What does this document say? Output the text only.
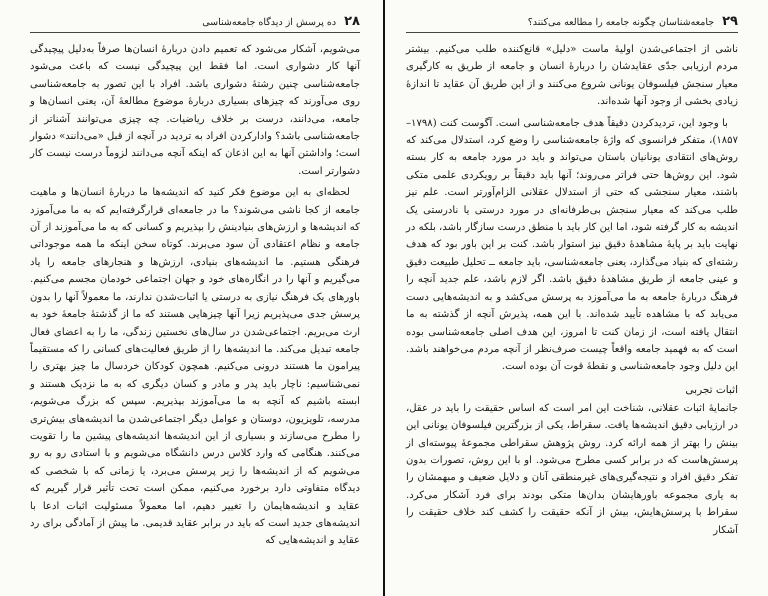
۲۸
ده پرسش از دیدگاه جامعه‌شناسی

می‌شویم، آشکار می‌شود که تعمیم دادن دربارهٔ انسان‌ها صرفاً به‌دلیل پیچیدگی آنها کار دشواری است. اما فقط این پیچیدگی نیست که باعث می‌شود جامعه‌شناسی چنین رشتهٔ دشواری باشد. افراد با این تصور به جامعه‌شناسی روی می‌آورند که چیزهای بسیاری دربارهٔ موضوع مطالعهٔ آن، یعنی انسان‌ها و جامعه، می‌دانند، درست بر خلاف ریاضیات. چه چیزی می‌توانند آشناتر از جامعه‌شناسی باشد؟ وادارکردن افراد به تردید در آنچه از قبل «می‌دانند» دشوار است؛ واداشتن آنها به این اذعان که اینکه آنچه می‌دانند لزوماً درست نیست کار دشوارتر است.

لحظه‌ای به این موضوع فکر کنید که اندیشه‌ها ما دربارهٔ انسان‌ها و ماهیت جامعه از کجا ناشی می‌شوند؟ ما در جامعه‌ای قرارگرفته‌ایم که به ما می‌آموزد که اندیشه‌ها و ارزش‌های بنیادینش را بپذیریم و کسانی که به ما می‌آموزند از آن جامعه و نظام اعتقادی آن سود می‌برند. کوتاه سخن اینکه ما همه موجوداتی فرهنگی هستیم. ما اندیشه‌های بنیادی، ارزش‌ها و هنجارهای جامعه را یاد می‌گیریم و آنها را در انگاره‌های خود و جهان اجتماعی خودمان مجسم می‌کنیم. باورهای یک فرهنگ نیازی به درستی یا اثبات‌شدن ندارند، ما معمولاً آنها را بدون پرسش جدی می‌پذیریم زیرا آنها چیزهایی هستند که ما از گذشتهٔ جامعهٔ خود به ارث می‌بریم. اجتماعی‌شدن در سال‌های نخستین زندگی، ما را به اعضای فعال جامعه تبدیل می‌کند. ما اندیشه‌ها را از طریق فعالیت‌های کسانی را که مستقیماً پیرامون ما هستند درونی می‌کنیم. همچون کودکان خردسال ما چیز بهتری را نمی‌شناسیم: ناچار باید پدر و مادر و کسان دیگری که به ما نزدیک هستند و ابسته باشیم که آنچه به ما می‌آموزند بپذیریم. سپس که بزرگ می‌شویم، مدرسه، تلویزیون، دوستان و عوامل دیگر اجتماعی‌شدن ما اندیشه‌های بیش‌تری را مطرح می‌سازند و بسیاری از این اندیشه‌ها اندیشه‌های پیشین ما را تقویت می‌کنند. هنگامی که وارد کلاس درس دانشگاه می‌شویم و با استادی رو به رو می‌شویم که از اندیشه‌ها را زیر پرسش می‌برد، یا زمانی که با شخصی که دیدگاه متفاوتی دارد برخورد می‌کنیم، ممکن است تحت تأثیر قرار گیریم که عقاید و اندیشه‌هایمان را تغییر دهیم، اما معمولاً مسئولیت اثبات ادعا با اندیشه‌های جدید است که باید در برابر عقاید قدیمی. ما پیش از آمادگی برای رد عقاید و اندیشه‌هایی که

۲۹
جامعه‌شناسان چگونه جامعه را مطالعه می‌کنند؟

ناشی از اجتماعی‌شدن اولیهٔ ماست «دلیل» قانع‌کننده طلب می‌کنیم. بیشتر مردم ارزیابی جدّی عقایدشان را دربارهٔ انسان و جامعه از طریق به کارگیری معیار سنجش فیلسوفان یونانی شروع می‌کنند و از این طریق آن عقاید تا اندازهٔ زیادی بخشی از وجود آنها شده‌اند.

با وجود این، تردیدکردن دقیقاً هدف جامعه‌شناسی است. آگوست کنت (۱۷۹۸–۱۸۵۷)، متفکر فرانسوی که واژهٔ جامعه‌شناسی را وضع کرد، استدلال می‌کند که روش‌های انتقادی یونانیان باستان می‌تواند و باید در مورد جامعه به کار بسته شود. این روش‌ها حتی فراتر می‌روند؛ آنها باید دقیقاً بر رویکردی علمی متکی باشند، معیار سنجشی که حتی از استدلال عقلانی الزام‌آورتر است. علم نیز طلب می‌کند که معیار سنجش بی‌طرفانه‌ای در مورد درستی یا نادرستی یک اندیشه به کار گرفته شود، اما این کار باید با منطق درست سازگار باشد، بلکه در نهایت باید بر پایهٔ مشاهدهٔ دقیق نیز استوار باشد. کنت بر این باور بود که هدف رشته‌ای که بنیاد می‌گذارد، یعنی جامعه‌شناسی، باید جامعه ــ تحلیل طبیعت دقیق و عینی جامعه از طریق مشاهدهٔ دقیق باشد. اگر لازم باشد، علم جدید آنچه را فرهنگ دربارهٔ جامعه به ما می‌آموزد به پرسش می‌کشد و به اندیشه‌هایی دست می‌یابد که با مشاهده تأیید شده‌اند. با این همه، پذیرش آنچه از گذشته به ما انتقال یافته است، از زمان کنت تا امروز، این هدف اصلی جامعه‌شناسی بوده است که به فهمید جامعه واقعاً چیست صرف‌نظر از آنچه مردم می‌خواهند باشد. این دلیل وجود جامعه‌شناسی و نقطهٔ قوت آن بوده است.

اثبات تجربی

جانمایهٔ اثبات عقلانی، شناخت این امر است که اساس حقیقت را باید در عقل، در ارزیابی دقیق اندیشه‌ها یافت. سقراط، یکی از بزرگترین فیلسوفان یونانی این بینش را بهتر از همه ارائه کرد. روش پژوهش سقراطی مجموعهٔ پیوسته‌ای از پرسش‌هاست که در برابر کسی مطرح می‌شود. او با این روش، تصورات بدون تفکر دقیق افراد و نتیجه‌گیری‌های غیرمنطقی آنان و دلایل ضعیف و مبهمشان را به یاری مجموعه باورهایشان بدان‌ها متکی بودند برای فرد آشکار می‌کرد. سقراط با پرسش‌هایش، بیش از آنکه حقیقت را کشف کند خلاف حقیقت را آشکار
